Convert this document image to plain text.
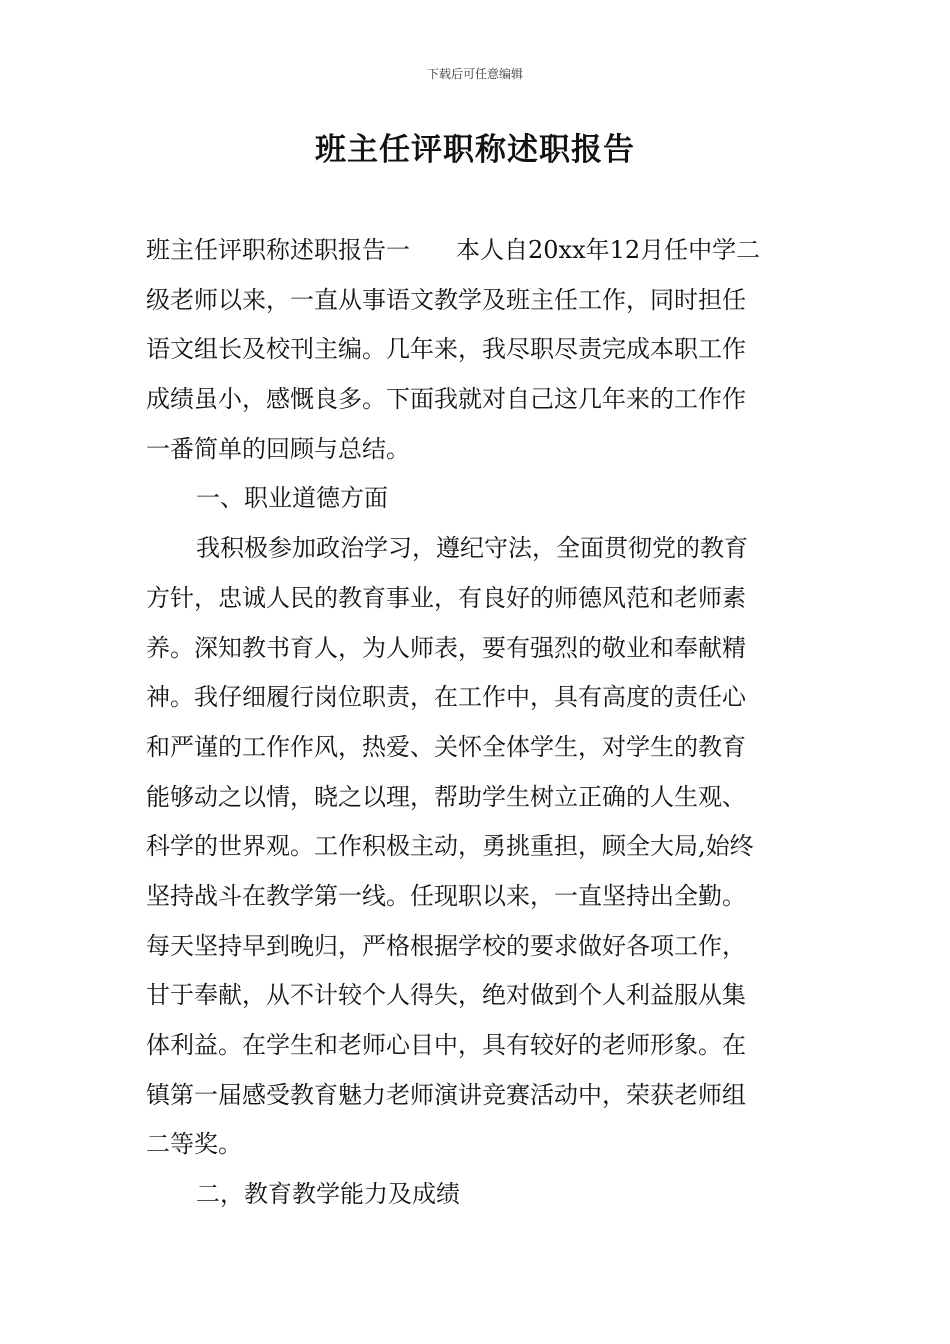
下载后可任意编辑
班主任评职称述职报告
班主任评职称述职报告一 本人自20xx年12月任中学二
级老师以来，一直从事语文教学及班主任工作，同时担任
语文组长及校刊主编。几年来，我尽职尽责完成本职工作
成绩虽小，感慨良多。下面我就对自己这几年来的工作作
一番简单的回顾与总结。
一、职业道德方面
我积极参加政治学习，遵纪守法，全面贯彻党的教育
方针，忠诚人民的教育事业，有良好的师德风范和老师素
养。深知教书育人，为人师表，要有强烈的敬业和奉献精
神。我仔细履行岗位职责，在工作中，具有高度的责任心
和严谨的工作作风，热爱、关怀全体学生，对学生的教育
能够动之以情，晓之以理，帮助学生树立正确的人生观、
科学的世界观。工作积极主动，勇挑重担，顾全大局,始终
坚持战斗在教学第一线。任现职以来，一直坚持出全勤。
每天坚持早到晚归，严格根据学校的要求做好各项工作，
甘于奉献，从不计较个人得失，绝对做到个人利益服从集
体利益。在学生和老师心目中，具有较好的老师形象。在
镇第一届感受教育魅力老师演讲竞赛活动中，荣获老师组
二等奖。
二，教育教学能力及成绩
